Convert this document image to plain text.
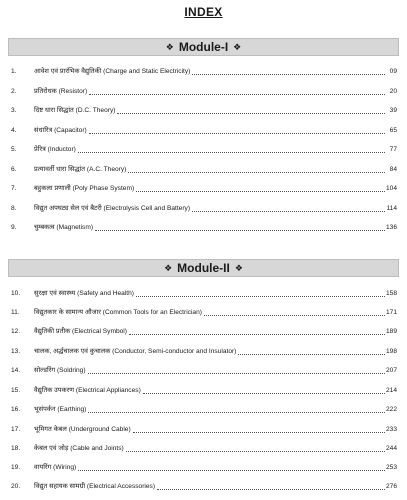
INDEX
❖ Module-I ❖
1.	आवेश एवं प्रारंभिक वैद्युतिकी (Charge and Static Electricity)	09
2.	प्रतिरोधक (Resistor)	20
3.	दिष्ट धारा सिद्धांत (D.C. Theory)	39
4.	संधारित्र (Capacitor)	65
5.	प्रेरित्र (Inductor)	77
6.	प्रत्यावर्ती धारा सिद्धांत (A.C. Theory)	84
7.	बहुकला प्रणाली (Poly Phase System)	104
8.	विद्युत अपघट्य सेल एवं बैटरी (Electrolysis Cell and Battery)	114
9.	चुम्बकत्व (Magnetism)	136
❖ Module-II ❖
10.	सुरक्षा एवं स्वास्थ्य (Safety and Health)	158
11.	विद्युतकार के सामान्य औजार (Common Tools for an Electrician)	171
12.	वैद्युतिकी प्रतीक (Electrical Symbol)	189
13.	चालक, अर्द्धचालक एवं कुचालक (Conductor, Semi-conductor and Insulator)	198
14.	सोल्डरिंग (Soldring)	207
15.	वैद्युतिक उपकरण (Electrical Appliances)	214
16.	भूसंपर्कन (Earthing)	222
17.	भूमिगत केबल (Underground Cable)	233
18.	केबल एवं जोड़ (Cable and Joints)	244
19.	वायरिंग (Wiring)	253
20.	विद्युत सहायक सामग्री (Electrical Accessories)	276
